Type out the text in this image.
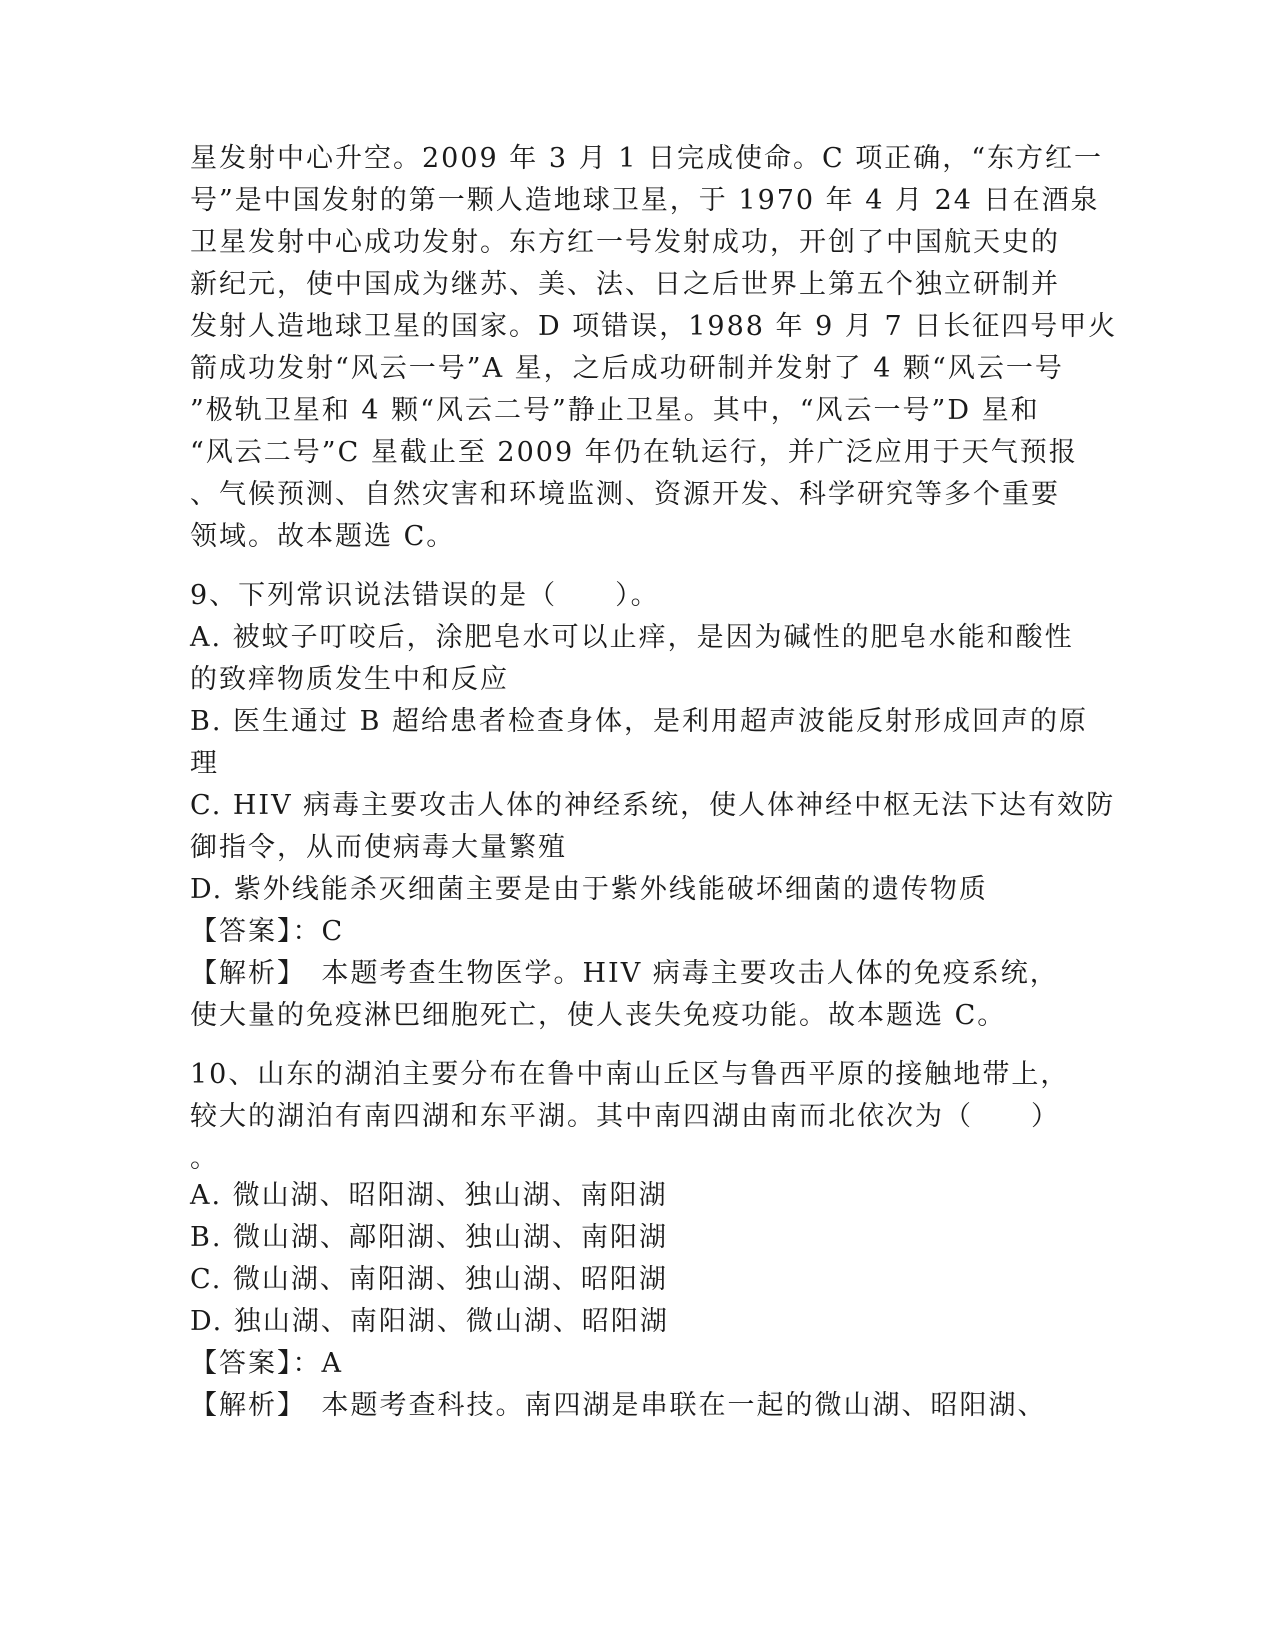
星发射中心升空。2009 年 3 月 1 日完成使命。C 项正确，“东方红一
号”是中国发射的第一颗人造地球卫星，于 1970 年 4 月 24 日在酒泉
卫星发射中心成功发射。东方红一号发射成功，开创了中国航天史的
新纪元，使中国成为继苏、美、法、日之后世界上第五个独立研制并
发射人造地球卫星的国家。D 项错误，1988 年 9 月 7 日长征四号甲火
箭成功发射“风云一号”A 星，之后成功研制并发射了 4 颗“风云一号
”极轨卫星和 4 颗“风云二号”静止卫星。其中，“风云一号”D 星和
“风云二号”C 星截止至 2009 年仍在轨运行，并广泛应用于天气预报
、气候预测、自然灾害和环境监测、资源开发、科学研究等多个重要
领域。故本题选 C。
9、下列常识说法错误的是（　　）。
A. 被蚊子叮咬后，涂肥皂水可以止痒，是因为碱性的肥皂水能和酸性
的致痒物质发生中和反应
B. 医生通过 B 超给患者检查身体，是利用超声波能反射形成回声的原
理
C. HIV 病毒主要攻击人体的神经系统，使人体神经中枢无法下达有效防
御指令，从而使病毒大量繁殖
D. 紫外线能杀灭细菌主要是由于紫外线能破坏细菌的遗传物质
【答案】：C
【解析】　本题考查生物医学。HIV 病毒主要攻击人体的免疫系统，
使大量的免疫淋巴细胞死亡，使人丧失免疫功能。故本题选 C。
10、山东的湖泊主要分布在鲁中南山丘区与鲁西平原的接触地带上，
较大的湖泊有南四湖和东平湖。其中南四湖由南而北依次为（　　）
。
A. 微山湖、昭阳湖、独山湖、南阳湖
B. 微山湖、鄗阳湖、独山湖、南阳湖
C. 微山湖、南阳湖、独山湖、昭阳湖
D. 独山湖、南阳湖、微山湖、昭阳湖
【答案】：A
【解析】　本题考查科技。南四湖是串联在一起的微山湖、昭阳湖、
